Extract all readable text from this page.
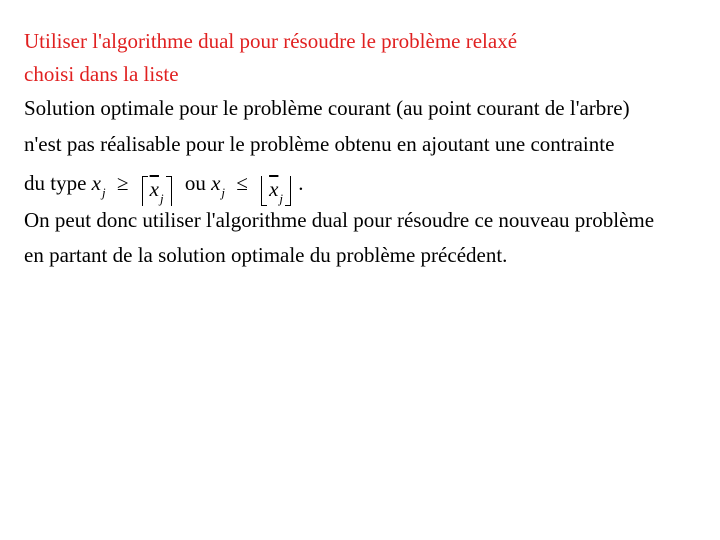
Utiliser l'algorithme dual pour résoudre le problème relaxé
choisi dans la liste
Solution optimale pour le problème courant (au point courant de l'arbre)
n'est pas réalisable pour le problème obtenu en ajoutant une contrainte
du type $x_j \ge \overline{x}_j$
ou $x_j \le \overline{x}_j$
.
On peut donc utiliser l'algorithme dual pour résoudre ce nouveau problème
en partant de la solution optimale du problème précédent.
